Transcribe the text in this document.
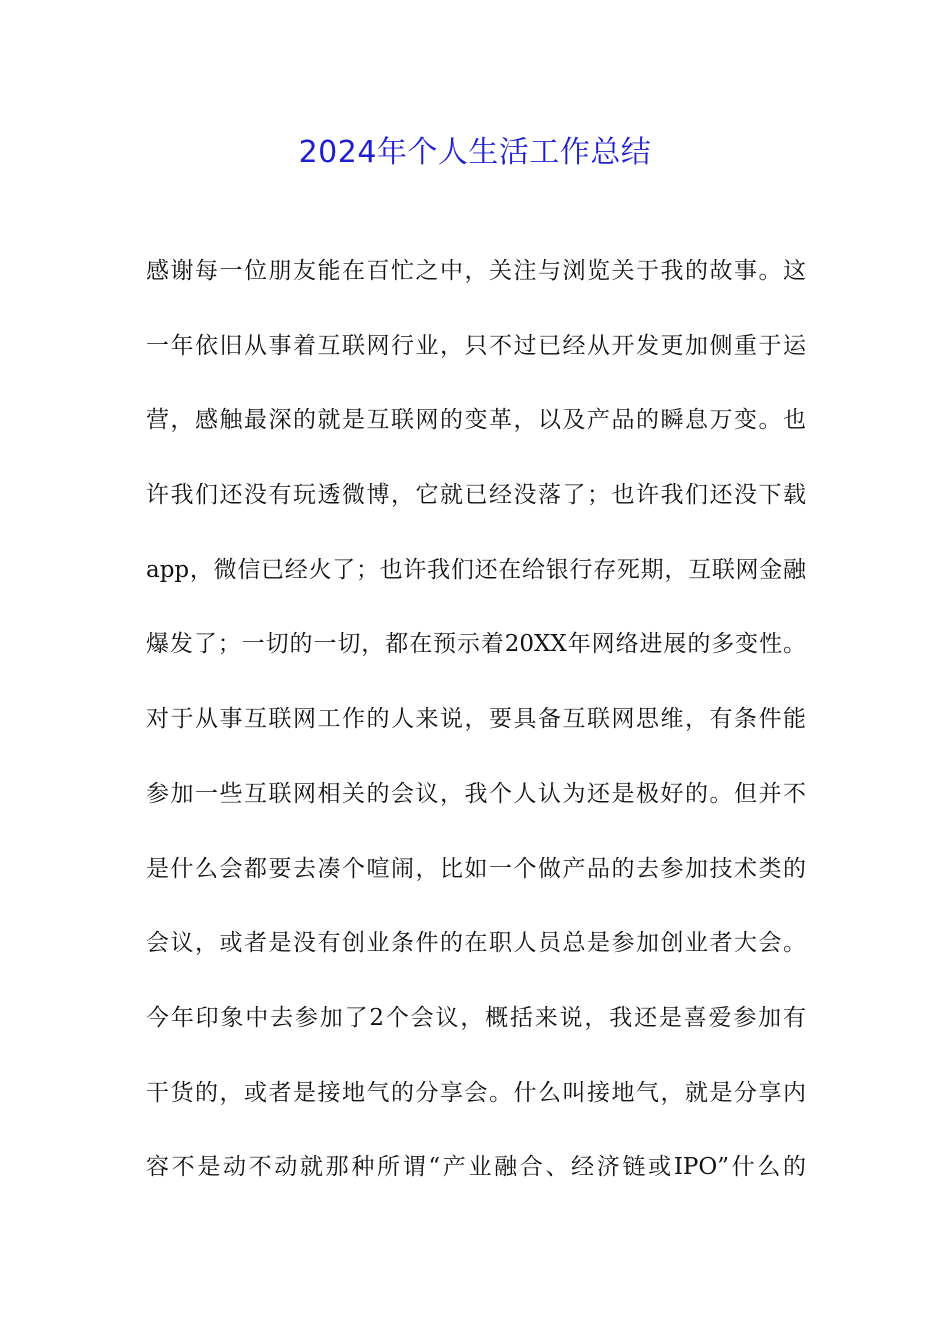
2024年个人生活工作总结
感谢每一位朋友能在百忙之中，关注与浏览关于我的故事。这
一年依旧从事着互联网行业，只不过已经从开发更加侧重于运
营，感触最深的就是互联网的变革，以及产品的瞬息万变。也
许我们还没有玩透微博，它就已经没落了；也许我们还没下载
app，微信已经火了；也许我们还在给银行存死期，互联网金融
爆发了；一切的一切，都在预示着20XX年网络进展的多变性。
对于从事互联网工作的人来说，要具备互联网思维，有条件能
参加一些互联网相关的会议，我个人认为还是极好的。但并不
是什么会都要去凑个喧闹，比如一个做产品的去参加技术类的
会议，或者是没有创业条件的在职人员总是参加创业者大会。
今年印象中去参加了2个会议，概括来说，我还是喜爱参加有
干货的，或者是接地气的分享会。什么叫接地气，就是分享内
容不是动不动就那种所谓“产业融合、经济链或IPO”什么的
